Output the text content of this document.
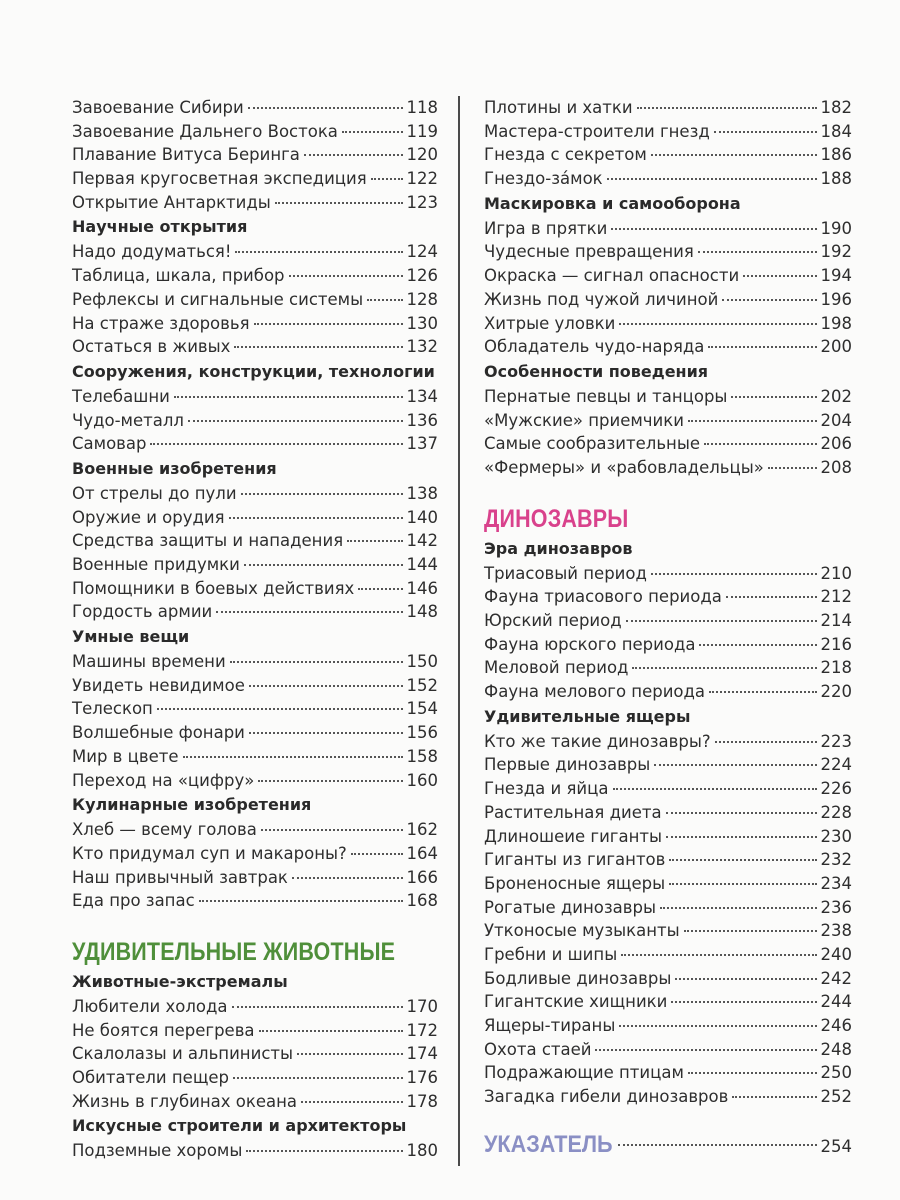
Завоевание Сибири	118
Завоевание Дальнего Востока	119
Плавание Витуса Беринга	120
Первая кругосветная экспедиция 122
Открытие Антарктиды	123
Научные открытия
Надо додуматься!	124
Таблица, шкала, прибор	126
Рефлексы и сигнальные системы	128
На страже здоровья	130
Остаться в живых	132
Сооружения, конструкции, технологии
Телебашни	134
Чудо-металл	136
Самовар	137
Военные изобретения
От стрелы до пули	138
Оружие и орудия	140
Средства защиты и нападения	142
Военные придумки	144
Помощники в боевых действиях	146
Гордость армии	148
Умные вещи
Машины времени	150
Увидеть невидимое	152
Телескоп	154
Волшебные фонари	156
Мир в цвете	158
Переход на «цифру»	160
Кулинарные изобретения
Хлеб — всему голова	162
Кто придумал суп и макароны?	164
Наш привычный завтрак	166
Еда про запас	168
УДИВИТЕЛЬНЫЕ ЖИВОТНЫЕ
Животные-экстремалы
Любители холода	170
Не боятся перегрева	172
Скалолазы и альпинисты	174
Обитатели пещер	176
Жизнь в глубинах океана	178
Искусные строители и архитекторы
Подземные хоромы	180
Плотины и хатки	182
Мастера-строители гнезд	184
Гнезда с секретом	186
Гнездо-зáмок	188
Маскировка и самооборона
Игра в прятки	190
Чудесные превращения	192
Окраска — сигнал опасности	194
Жизнь под чужой личиной	196
Хитрые уловки	198
Обладатель чудо-наряда	200
Особенности поведения
Пернатые певцы и танцоры	202
«Мужские» приемчики	204
Самые сообразительные	206
«Фермеры» и «рабовладельцы»	208
ДИНОЗАВРЫ
Эра динозавров
Триасовый период	210
Фауна триасового периода	212
Юрский период	214
Фауна юрского периода	216
Меловой период	218
Фауна мелового периода	220
Удивительные ящеры
Кто же такие динозавры?	223
Первые динозавры	224
Гнезда и яйца	226
Растительная диета	228
Длиношеие гиганты	230
Гиганты из гигантов	232
Броненосные ящеры	234
Рогатые динозавры	236
Утконосые музыканты	238
Гребни и шипы	240
Бодливые динозавры	242
Гигантские хищники	244
Ящеры-тираны	246
Охота стаей	248
Подражающие птицам	250
Загадка гибели динозавров	252
УКАЗАТЕЛЬ	254
